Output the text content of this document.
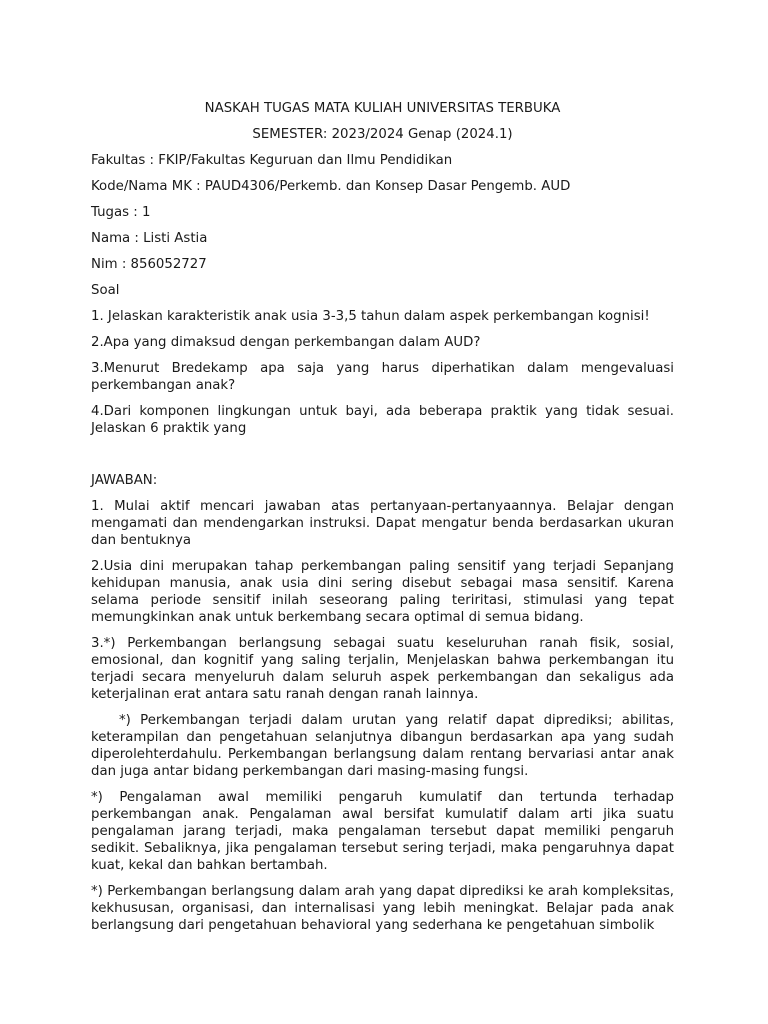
NASKAH TUGAS MATA KULIAH UNIVERSITAS TERBUKA

SEMESTER: 2023/2024 Genap (2024.1)

Fakultas : FKIP/Fakultas Keguruan dan Ilmu Pendidikan

Kode/Nama MK : PAUD4306/Perkemb. dan Konsep Dasar Pengemb. AUD

Tugas : 1

Nama : Listi Astia

Nim : 856052727

Soal

1. Jelaskan karakteristik anak usia 3-3,5 tahun dalam aspek perkembangan kognisi!

2.Apa yang dimaksud dengan perkembangan dalam AUD?

3.Menurut Bredekamp apa saja yang harus diperhatikan dalam mengevaluasi perkembangan anak?

4.Dari komponen lingkungan untuk bayi, ada beberapa praktik yang tidak sesuai. Jelaskan 6 praktik yang

JAWABAN:

1. Mulai aktif mencari jawaban atas pertanyaan-pertanyaannya. Belajar dengan mengamati dan mendengarkan instruksi. Dapat mengatur benda berdasarkan ukuran dan bentuknya

2.Usia dini merupakan tahap perkembangan paling sensitif yang terjadi Sepanjang kehidupan manusia, anak usia dini sering disebut sebagai masa sensitif. Karena selama periode sensitif inilah seseorang paling teriritasi, stimulasi yang tepat memungkinkan anak untuk berkembang secara optimal di semua bidang.

3.*) Perkembangan berlangsung sebagai suatu keseluruhan ranah fisik, sosial, emosional, dan kognitif yang saling terjalin, Menjelaskan bahwa perkembangan itu terjadi secara menyeluruh dalam seluruh aspek perkembangan dan sekaligus ada keterjalinan erat antara satu ranah dengan ranah lainnya.

*) Perkembangan terjadi dalam urutan yang relatif dapat diprediksi; abilitas, keterampilan dan pengetahuan selanjutnya dibangun berdasarkan apa yang sudah diperolehterdahulu. Perkembangan berlangsung dalam rentang bervariasi antar anak dan juga antar bidang perkembangan dari masing-masing fungsi.

*) Pengalaman awal memiliki pengaruh kumulatif dan tertunda terhadap perkembangan anak. Pengalaman awal bersifat kumulatif dalam arti jika suatu pengalaman jarang terjadi, maka pengalaman tersebut dapat memiliki pengaruh sedikit. Sebaliknya, jika pengalaman tersebut sering terjadi, maka pengaruhnya dapat kuat, kekal dan bahkan bertambah.

*) Perkembangan berlangsung dalam arah yang dapat diprediksi ke arah kompleksitas, kekhususan, organisasi, dan internalisasi yang lebih meningkat. Belajar pada anak berlangsung dari pengetahuan behavioral yang sederhana ke pengetahuan simbolik
